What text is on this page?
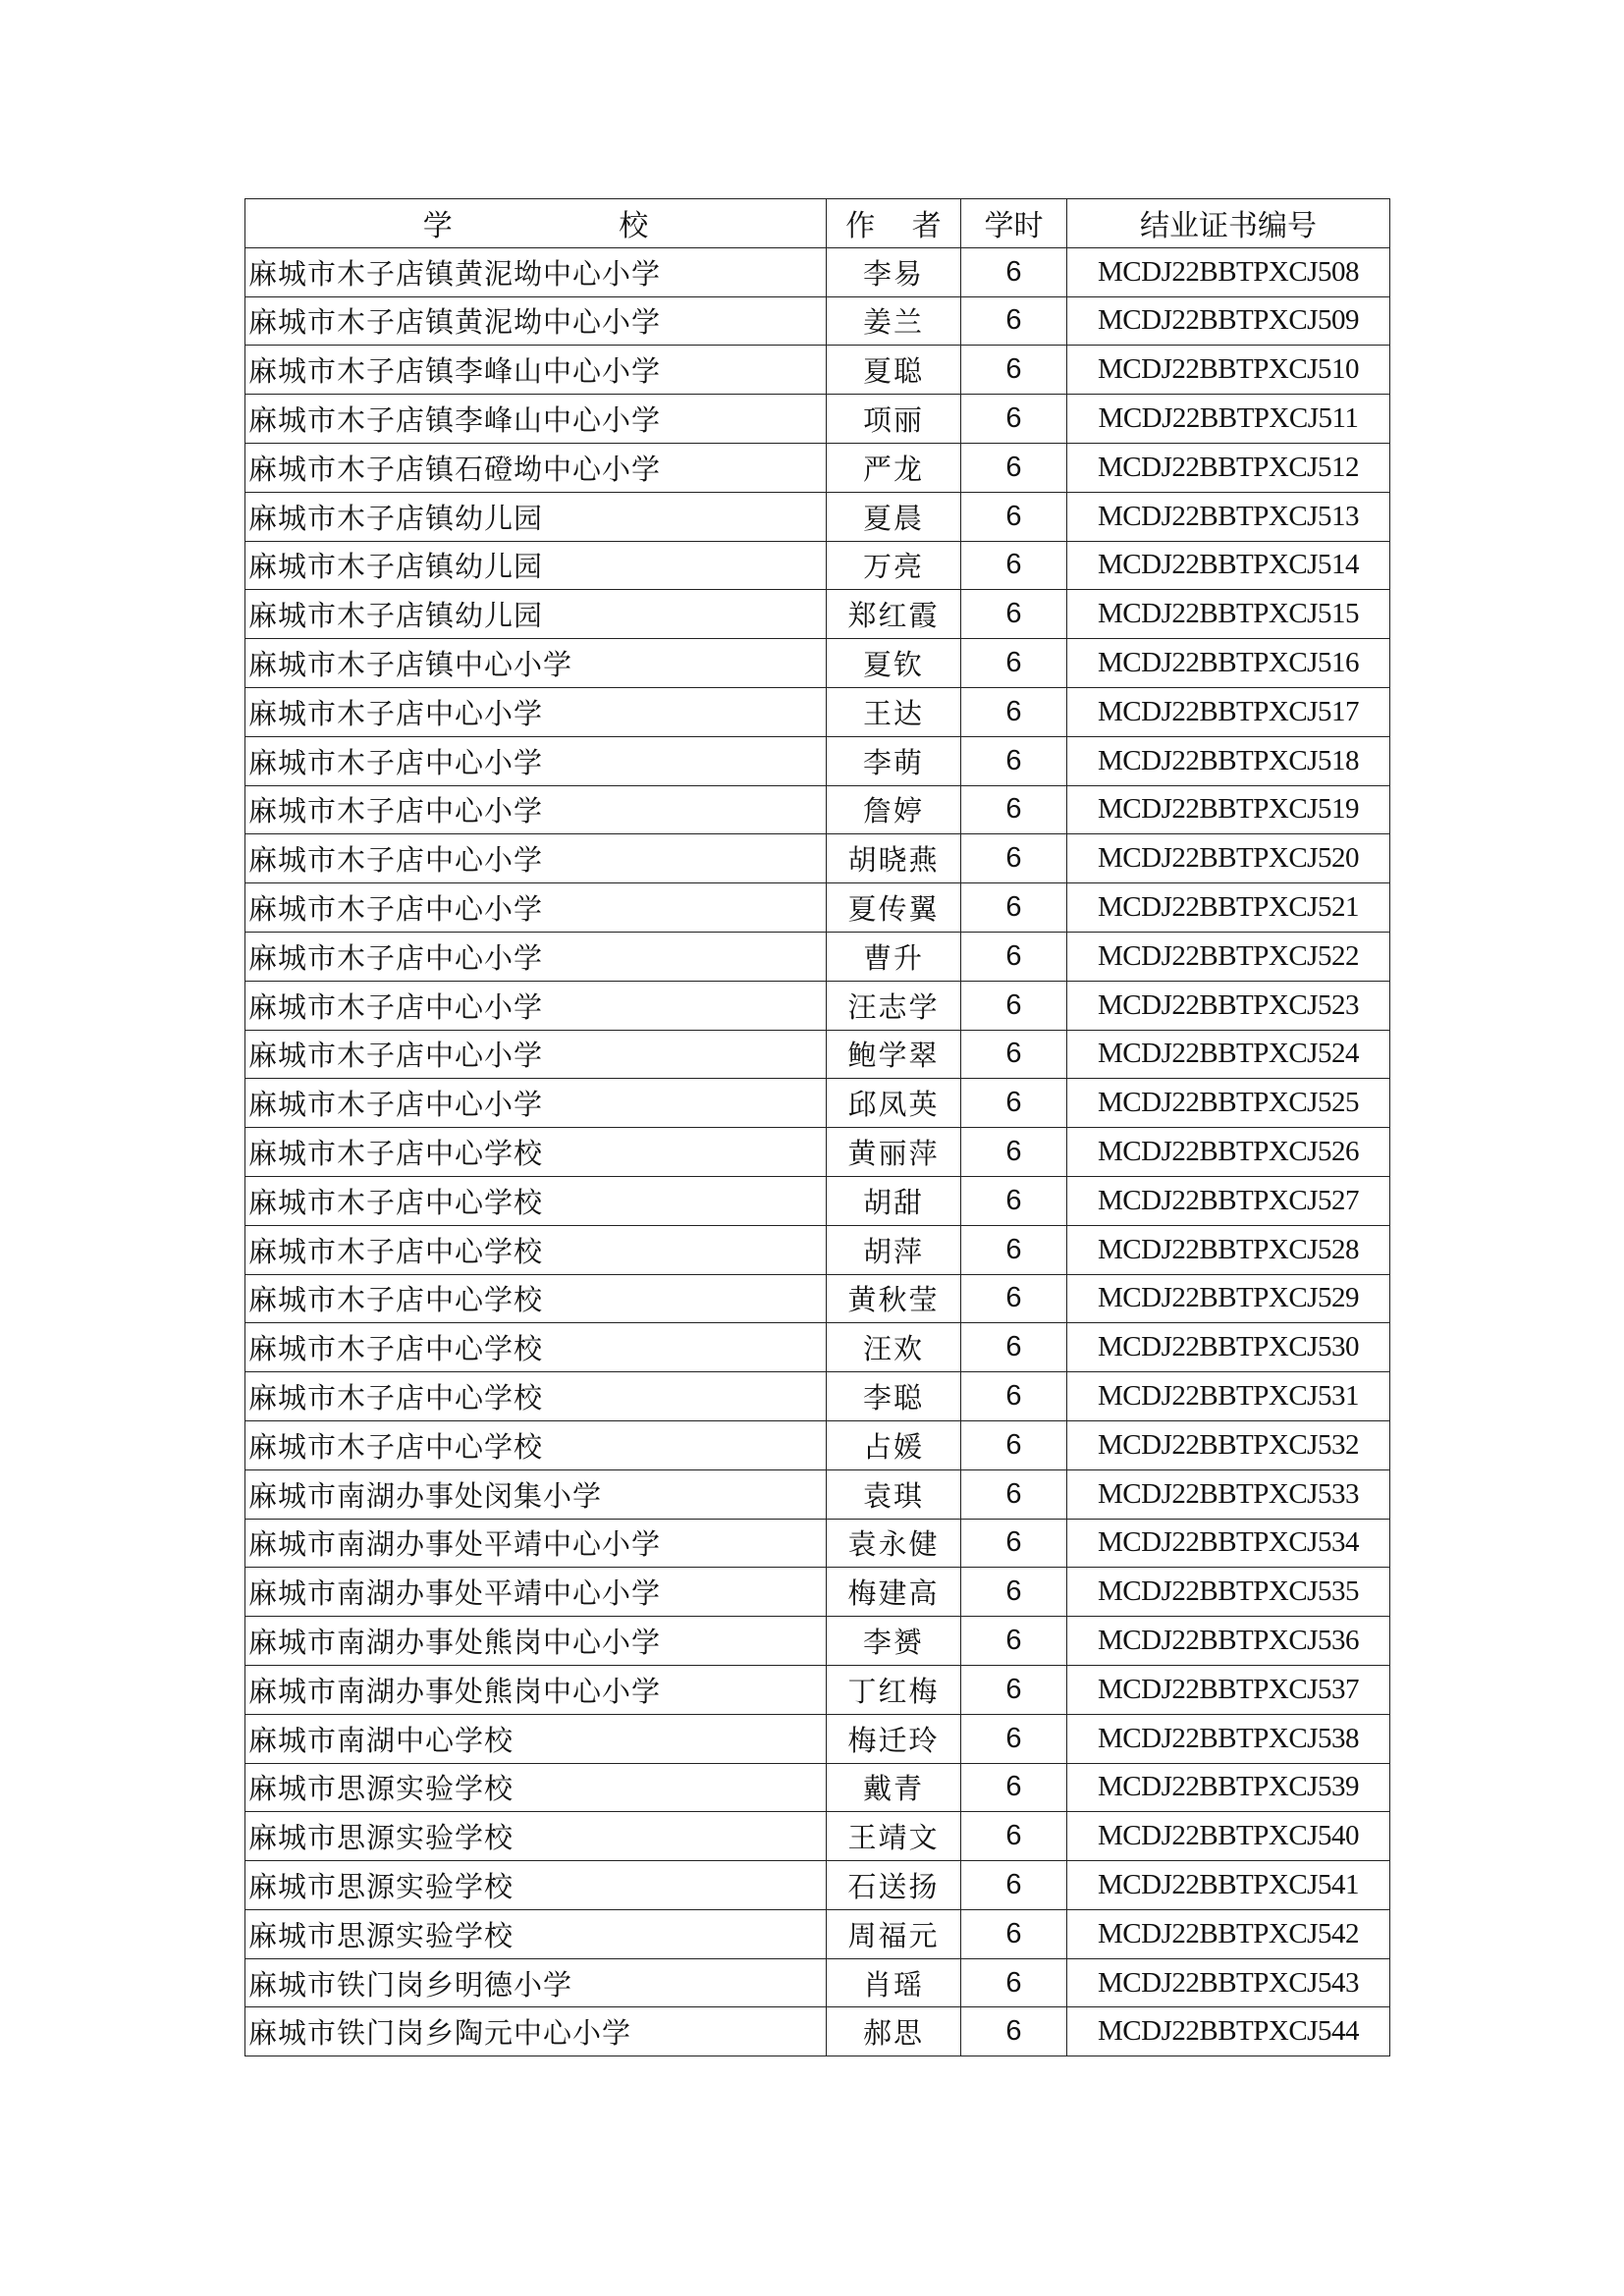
学 校	作 者	学时	结业证书编号
麻城市木子店镇黄泥坳中心小学	李易	6	MCDJ22BBTPXCJ508
麻城市木子店镇黄泥坳中心小学	姜兰	6	MCDJ22BBTPXCJ509
麻城市木子店镇李峰山中心小学	夏聪	6	MCDJ22BBTPXCJ510
麻城市木子店镇李峰山中心小学	项丽	6	MCDJ22BBTPXCJ511
麻城市木子店镇石磴坳中心小学	严龙	6	MCDJ22BBTPXCJ512
麻城市木子店镇幼儿园	夏晨	6	MCDJ22BBTPXCJ513
麻城市木子店镇幼儿园	万亮	6	MCDJ22BBTPXCJ514
麻城市木子店镇幼儿园	郑红霞	6	MCDJ22BBTPXCJ515
麻城市木子店镇中心小学	夏钦	6	MCDJ22BBTPXCJ516
麻城市木子店中心小学	王达	6	MCDJ22BBTPXCJ517
麻城市木子店中心小学	李萌	6	MCDJ22BBTPXCJ518
麻城市木子店中心小学	詹婷	6	MCDJ22BBTPXCJ519
麻城市木子店中心小学	胡晓燕	6	MCDJ22BBTPXCJ520
麻城市木子店中心小学	夏传翼	6	MCDJ22BBTPXCJ521
麻城市木子店中心小学	曹升	6	MCDJ22BBTPXCJ522
麻城市木子店中心小学	汪志学	6	MCDJ22BBTPXCJ523
麻城市木子店中心小学	鲍学翠	6	MCDJ22BBTPXCJ524
麻城市木子店中心小学	邱凤英	6	MCDJ22BBTPXCJ525
麻城市木子店中心学校	黄丽萍	6	MCDJ22BBTPXCJ526
麻城市木子店中心学校	胡甜	6	MCDJ22BBTPXCJ527
麻城市木子店中心学校	胡萍	6	MCDJ22BBTPXCJ528
麻城市木子店中心学校	黄秋莹	6	MCDJ22BBTPXCJ529
麻城市木子店中心学校	汪欢	6	MCDJ22BBTPXCJ530
麻城市木子店中心学校	李聪	6	MCDJ22BBTPXCJ531
麻城市木子店中心学校	占媛	6	MCDJ22BBTPXCJ532
麻城市南湖办事处闵集小学	袁琪	6	MCDJ22BBTPXCJ533
麻城市南湖办事处平靖中心小学	袁永健	6	MCDJ22BBTPXCJ534
麻城市南湖办事处平靖中心小学	梅建高	6	MCDJ22BBTPXCJ535
麻城市南湖办事处熊岗中心小学	李赟	6	MCDJ22BBTPXCJ536
麻城市南湖办事处熊岗中心小学	丁红梅	6	MCDJ22BBTPXCJ537
麻城市南湖中心学校	梅迁玲	6	MCDJ22BBTPXCJ538
麻城市思源实验学校	戴青	6	MCDJ22BBTPXCJ539
麻城市思源实验学校	王靖文	6	MCDJ22BBTPXCJ540
麻城市思源实验学校	石送扬	6	MCDJ22BBTPXCJ541
麻城市思源实验学校	周福元	6	MCDJ22BBTPXCJ542
麻城市铁门岗乡明德小学	肖瑶	6	MCDJ22BBTPXCJ543
麻城市铁门岗乡陶元中心小学	郝思	6	MCDJ22BBTPXCJ544
